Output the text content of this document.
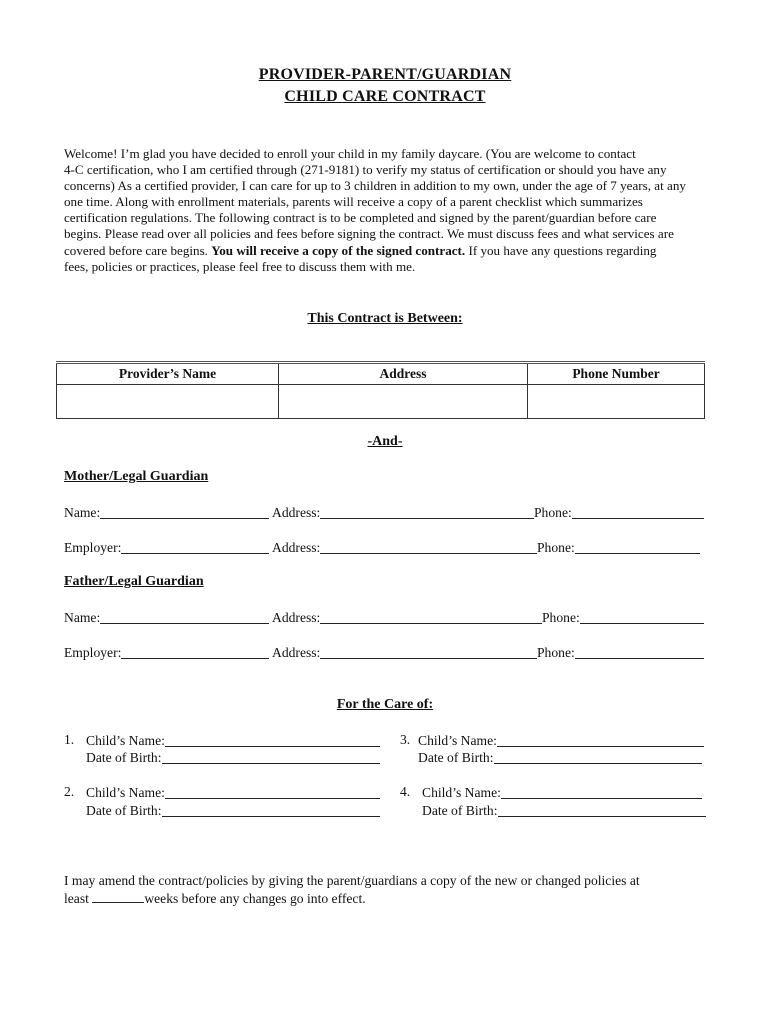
PROVIDER-PARENT/GUARDIAN
CHILD CARE CONTRACT
Welcome! I’m glad you have decided to enroll your child in my family daycare. (You are welcome to contact
4-C certification, who I am certified through (271-9181) to verify my status of certification or should you have any
concerns) As a certified provider, I can care for up to 3 children in addition to my own, under the age of 7 years, at any
one time. Along with enrollment materials, parents will receive a copy of a parent checklist which summarizes
certification regulations. The following contract is to be completed and signed by the parent/guardian before care
begins. Please read over all policies and fees before signing the contract. We must discuss fees and what services are
covered before care begins. You will receive a copy of the signed contract. If you have any questions regarding
fees, policies or practices, please feel free to discuss them with me.
This Contract is Between:
Provider’s Name	Address	Phone Number

-And-
Mother/Legal Guardian
Name:	Address:	Phone:
Employer:	Address:	Phone:
Father/Legal Guardian
Name:	Address:	Phone:
Employer:	Address:	Phone:
For the Care of:
1. Child’s Name:
Date of Birth:
3. Child’s Name:
Date of Birth:
2. Child’s Name:
Date of Birth:
4. Child’s Name:
Date of Birth:
I may amend the contract/policies by giving the parent/guardians a copy of the new or changed policies at
least	weeks before any changes go into effect.
